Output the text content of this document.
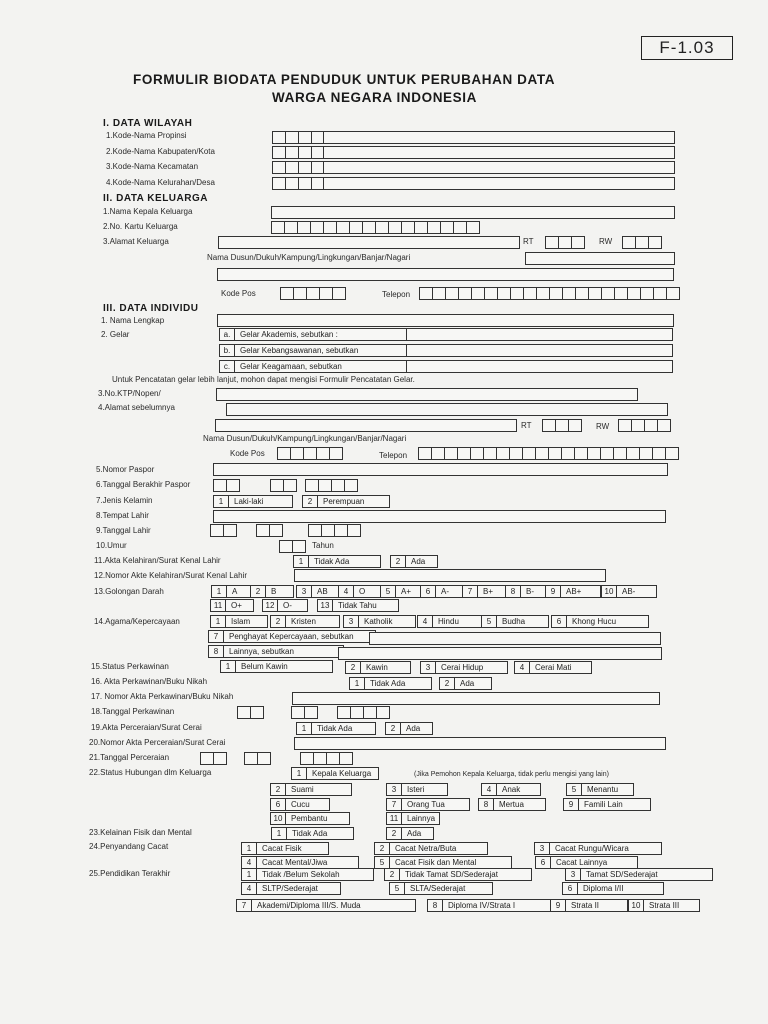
F-1.03
FORMULIR BIODATA PENDUDUK UNTUK PERUBAHAN DATA
WARGA NEGARA INDONESIA
I. DATA WILAYAH
1.Kode-Nama Propinsi
2.Kode-Nama Kabupaten/Kota
3.Kode-Nama Kecamatan
4.Kode-Nama Kelurahan/Desa
II. DATA KELUARGA
1.Nama Kepala Keluarga
2.No. Kartu Keluarga
3.Alamat Keluarga	RT	RW
Nama Dusun/Dukuh/Kampung/Lingkungan/Banjar/Nagari
Kode Pos	Telepon
III. DATA INDIVIDU
1. Nama Lengkap
2. Gelar	a. Gelar Akademis, sebutkan :
b. Gelar Kebangsawanan, sebutkan
c. Gelar Keagamaan, sebutkan
Untuk Pencatatan gelar lebih lanjut, mohon dapat mengisi Formulir Pencatatan Gelar.
3.No.KTP/Nopen/
4.Alamat sebelumnya
RT	RW
Nama Dusun/Dukuh/Kampung/Lingkungan/Banjar/Nagari
Kode Pos	Telepon
5.Nomor Paspor
6.Tanggal Berakhir Paspor
7.Jenis Kelamin	1 Laki-laki	2 Perempuan
8.Tempat Lahir
9.Tanggal Lahir
10.Umur	Tahun
11.Akta Kelahiran/Surat Kenal Lahir	1 Tidak Ada	2 Ada
12.Nomor Akte Kelahiran/Surat Kenal Lahir
13.Golongan Darah	1 A	2 B	3 AB	4 O	5 A+	6 A-	7 B+	8 B-	9 AB+	10 AB-
11 O+	12 O-	13 Tidak Tahu
14.Agama/Kepercayaan	1 Islam	2 Kristen	3 Katholik	4 Hindu	5 Budha	6 Khong Hucu
7 Penghayat Kepercayaan, sebutkan
8 Lainnya, sebutkan
15.Status Perkawinan	1 Belum Kawin	2 Kawin	3 Cerai Hidup	4 Cerai Mati
16. Akta Perkawinan/Buku Nikah	1 Tidak Ada	2 Ada
17. Nomor Akta Perkawinan/Buku Nikah
18.Tanggal Perkawinan
19.Akta Perceraian/Surat Cerai	1 Tidak Ada	2 Ada
20.Nomor Akta Perceraian/Surat Cerai
21.Tanggal Perceraian
22.Status Hubungan dlm Keluarga	(Jika Pemohon Kepala Keluarga, tidak perlu mengisi yang lain)
1 Kepala Keluarga
2 Suami	3 Isteri	4 Anak	5 Menantu
6 Cucu	7 Orang Tua	8 Mertua	9 Famili Lain
10 Pembantu	11 Lainnya
23.Kelainan Fisik dan Mental	1 Tidak Ada	2 Ada
24.Penyandang Cacat	1 Cacat Fisik	2 Cacat Netra/Buta	3 Cacat Rungu/Wicara
4 Cacat Mental/Jiwa	5 Cacat Fisik dan Mental	6 Cacat Lainnya
25.Pendidikan Terakhir	1 Tidak /Belum Sekolah	2 Tidak Tamat SD/Sederajat	3 Tamat SD/Sederajat
4 SLTP/Sederajat	5 SLTA/Sederajat	6 Diploma I/II
7 Akademi/Diploma III/S. Muda	8 Diploma IV/Strata I	9 Strata II	10 Strata III
